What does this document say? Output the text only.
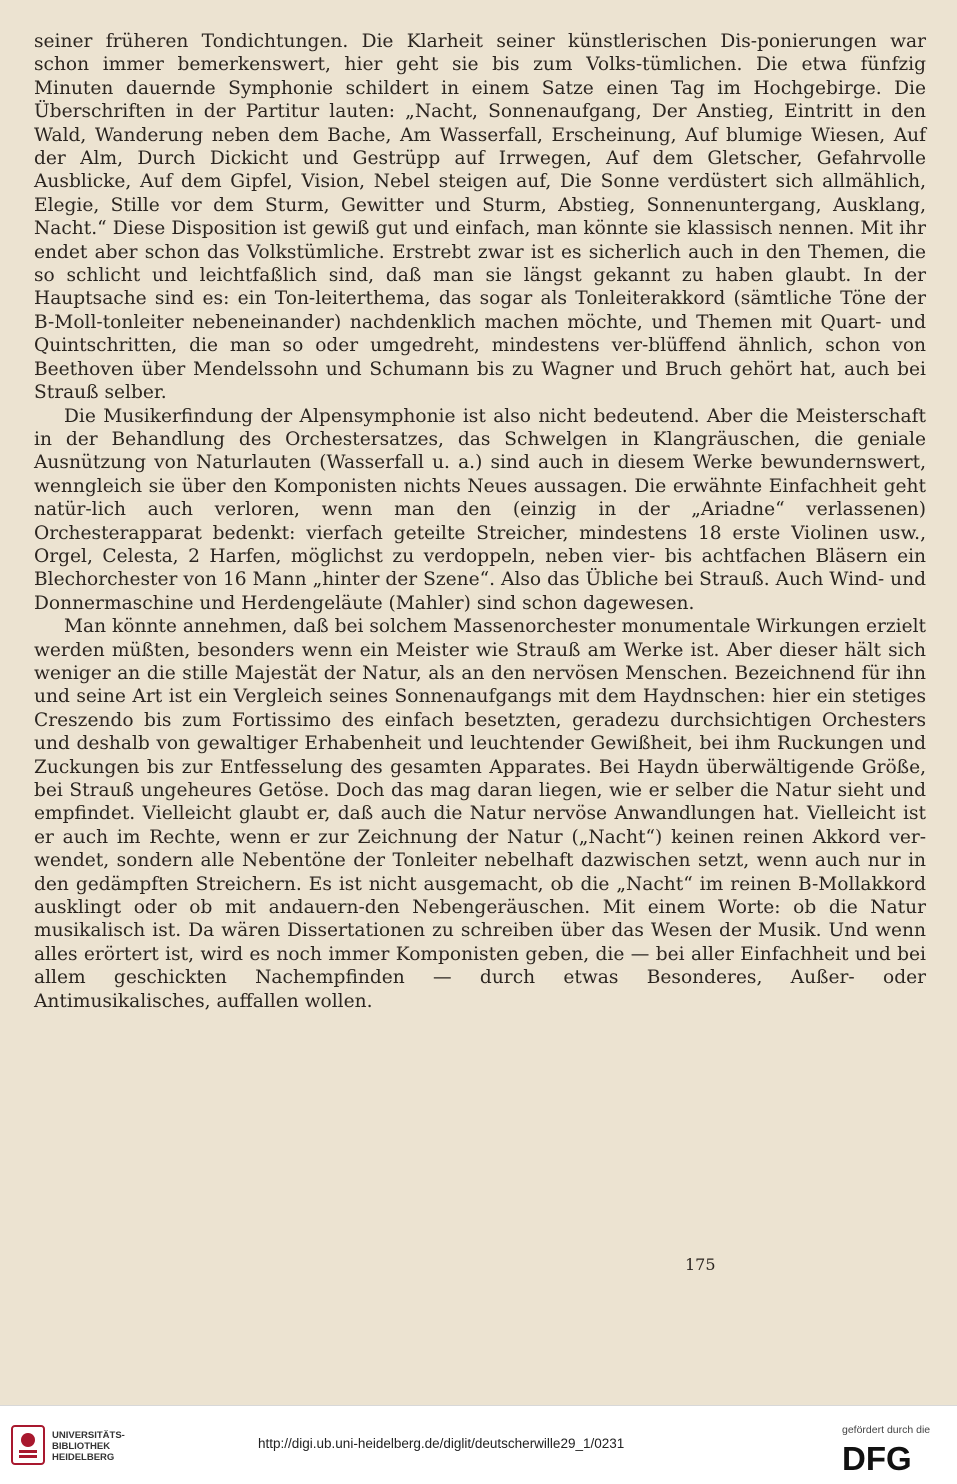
seiner früheren Tondichtungen. Die Klarheit seiner künstlerischen Dis-ponierungen war schon immer bemerkenswert, hier geht sie bis zum Volks-tümlichen. Die etwa fünfzig Minuten dauernde Symphonie schildert in einem Satze einen Tag im Hochgebirge. Die Überschriften in der Partitur lauten: „Nacht, Sonnenaufgang, Der Anstieg, Eintritt in den Wald, Wanderung neben dem Bache, Am Wasserfall, Erscheinung, Auf blumige Wiesen, Auf der Alm, Durch Dickicht und Gestrüpp auf Irrwegen, Auf dem Gletscher, Gefahrvolle Ausblicke, Auf dem Gipfel, Vision, Nebel steigen auf, Die Sonne verdüstert sich allmählich, Elegie, Stille vor dem Sturm, Gewitter und Sturm, Abstieg, Sonnenuntergang, Ausklang, Nacht.“ Diese Disposition ist gewiß gut und einfach, man könnte sie klassisch nennen. Mit ihr endet aber schon das Volkstümliche. Erstrebt zwar ist es sicherlich auch in den Themen, die so schlicht und leichtfaßlich sind, daß man sie längst gekannt zu haben glaubt. In der Hauptsache sind es: ein Ton-leiterthema, das sogar als Tonleiterakkord (sämtliche Töne der B-Moll-tonleiter nebeneinander) nachdenklich machen möchte, und Themen mit Quart- und Quintschritten, die man so oder umgedreht, mindestens ver-blüffend ähnlich, schon von Beethoven über Mendelssohn und Schumann bis zu Wagner und Bruch gehört hat, auch bei Strauß selber.

Die Musikerfindung der Alpensymphonie ist also nicht bedeutend. Aber die Meisterschaft in der Behandlung des Orchestersatzes, das Schwelgen in Klangräuschen, die geniale Ausnützung von Naturlauten (Wasserfall u. a.) sind auch in diesem Werke bewundernswert, wenngleich sie über den Komponisten nichts Neues aussagen. Die erwähnte Einfachheit geht natür-lich auch verloren, wenn man den (einzig in der „Ariadne“ verlassenen) Orchesterapparat bedenkt: vierfach geteilte Streicher, mindestens 18 erste Violinen usw., Orgel, Celesta, 2 Harfen, möglichst zu verdoppeln, neben vier- bis achtfachen Bläsern ein Blechorchester von 16 Mann „hinter der Szene“. Also das Übliche bei Strauß. Auch Wind- und Donnermaschine und Herdengeläute (Mahler) sind schon dagewesen.

Man könnte annehmen, daß bei solchem Massenorchester monumentale Wirkungen erzielt werden müßten, besonders wenn ein Meister wie Strauß am Werke ist. Aber dieser hält sich weniger an die stille Majestät der Natur, als an den nervösen Menschen. Bezeichnend für ihn und seine Art ist ein Vergleich seines Sonnenaufgangs mit dem Haydnschen: hier ein stetiges Creszendo bis zum Fortissimo des einfach besetzten, geradezu durchsichtigen Orchesters und deshalb von gewaltiger Erhabenheit und leuchtender Gewißheit, bei ihm Ruckungen und Zuckungen bis zur Entfesselung des gesamten Apparates. Bei Haydn überwältigende Größe, bei Strauß ungeheures Getöse. Doch das mag daran liegen, wie er selber die Natur sieht und empfindet. Vielleicht glaubt er, daß auch die Natur nervöse Anwandlungen hat. Vielleicht ist er auch im Rechte, wenn er zur Zeichnung der Natur („Nacht“) keinen reinen Akkord ver-wendet, sondern alle Nebentöne der Tonleiter nebelhaft dazwischen setzt, wenn auch nur in den gedämpften Streichern. Es ist nicht ausgemacht, ob die „Nacht“ im reinen B-Mollakkord ausklingt oder ob mit andauern-den Nebengeräuschen. Mit einem Worte: ob die Natur musikalisch ist. Da wären Dissertationen zu schreiben über das Wesen der Musik. Und wenn alles erörtert ist, wird es noch immer Komponisten geben, die — bei aller Einfachheit und bei allem geschickten Nachempfinden — durch etwas Besonderes, Außer- oder Antimusikalisches, auffallen wollen.

175
UNIVERSITÄTS-
BIBLIOTHEK
HEIDELBERG
http://digi.ub.uni-heidelberg.de/diglit/deutscherwille29_1/0231
gefördert durch die
DFG
